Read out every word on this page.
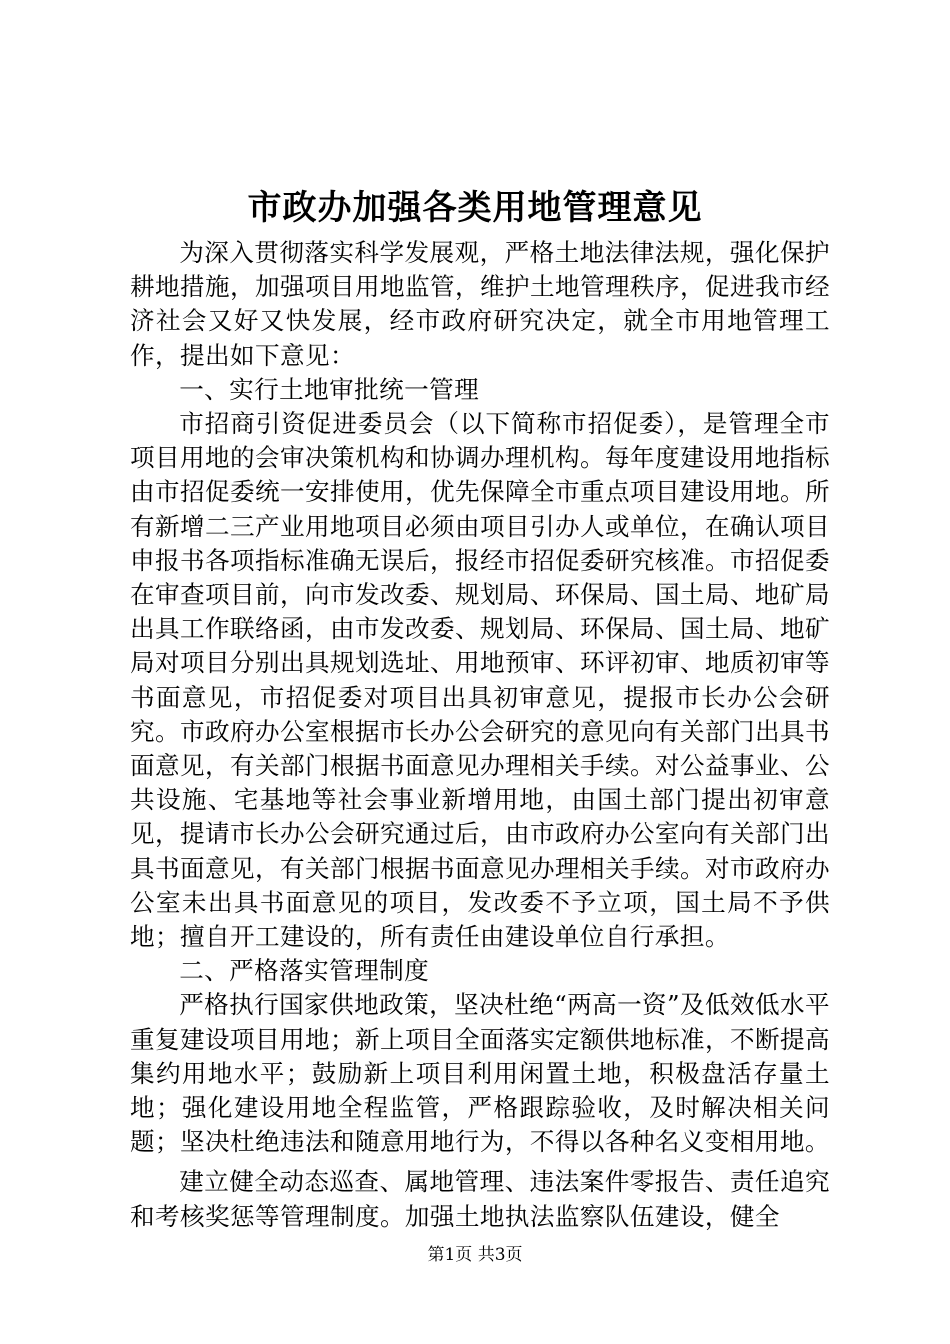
市政办加强各类用地管理意见

为深入贯彻落实科学发展观，严格土地法律法规，强化保护耕地措施，加强项目用地监管，维护土地管理秩序，促进我市经济社会又好又快发展，经市政府研究决定，就全市用地管理工作，提出如下意见：

一、实行土地审批统一管理

市招商引资促进委员会（以下简称市招促委），是管理全市项目用地的会审决策机构和协调办理机构。每年度建设用地指标由市招促委统一安排使用，优先保障全市重点项目建设用地。所有新增二三产业用地项目必须由项目引办人或单位，在确认项目申报书各项指标准确无误后，报经市招促委研究核准。市招促委在审查项目前，向市发改委、规划局、环保局、国土局、地矿局出具工作联络函，由市发改委、规划局、环保局、国土局、地矿局对项目分别出具规划选址、用地预审、环评初审、地质初审等书面意见，市招促委对项目出具初审意见，提报市长办公会研究。市政府办公室根据市长办公会研究的意见向有关部门出具书面意见，有关部门根据书面意见办理相关手续。对公益事业、公共设施、宅基地等社会事业新增用地，由国土部门提出初审意见，提请市长办公会研究通过后，由市政府办公室向有关部门出具书面意见，有关部门根据书面意见办理相关手续。对市政府办公室未出具书面意见的项目，发改委不予立项，国土局不予供地；擅自开工建设的，所有责任由建设单位自行承担。

二、严格落实管理制度

严格执行国家供地政策，坚决杜绝“两高一资”及低效低水平重复建设项目用地；新上项目全面落实定额供地标准，不断提高集约用地水平；鼓励新上项目利用闲置土地，积极盘活存量土地；强化建设用地全程监管，严格跟踪验收，及时解决相关问题；坚决杜绝违法和随意用地行为，不得以各种名义变相用地。

建立健全动态巡查、属地管理、违法案件零报告、责任追究和考核奖惩等管理制度。加强土地执法监察队伍建设，健全

第1页 共3页
